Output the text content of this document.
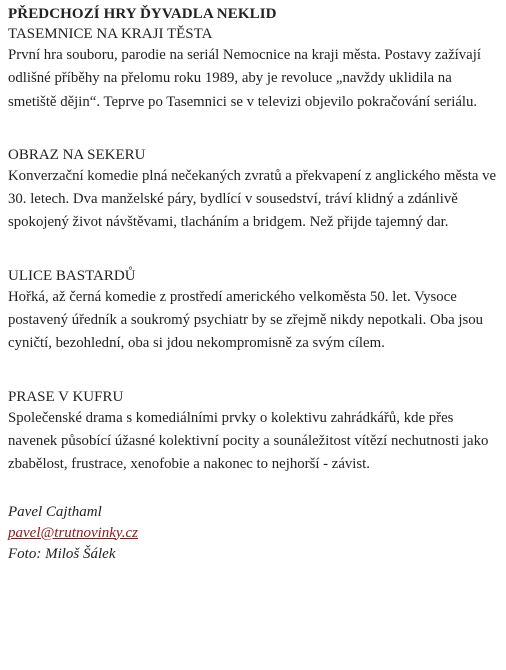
PŘEDCHOZÍ HRY ĎYVADLA NEKLID
TASEMNICE NA KRAJI TĚSTA
První hra souboru, parodie na seriál Nemocnice na kraji města. Postavy zažívají odlišné příběhy na přelomu roku 1989, aby je revoluce „navždy uklidila na smetiště dějin“. Teprve po Tasemnici se v televizi objevilo pokračování seriálu.
OBRAZ NA SEKERU
Konverzační komedie plná nečekaných zvratů a překvapení z anglického města ve 30. letech. Dva manželské páry, bydlící v sousedství, tráví klidný a zdánlivě spokojený život návštěvami, tlacháním a bridgem. Než přijde tajemný dar.
ULICE BASTARDŮ
Hořká, až černá komedie z prostředí amerického velkoměsta 50. let. Vysoce postavený úředník a soukromý psychiatr by se zřejmě nikdy nepotkali. Oba jsou cyničtí, bezohlední, oba si jdou nekompromisně za svým cílem.
PRASE V KUFRU
Společenské drama s komediálními prvky o kolektivu zahrádkářů, kde přes navenek působící úžasné kolektivní pocity a sounáležitost vítězí nechutnosti jako zbabělost, frustrace, xenofobie a nakonec to nejhorší - závist.
Pavel Cajthaml
pavel@trutnovinky.cz
Foto: Miloš Šálek
